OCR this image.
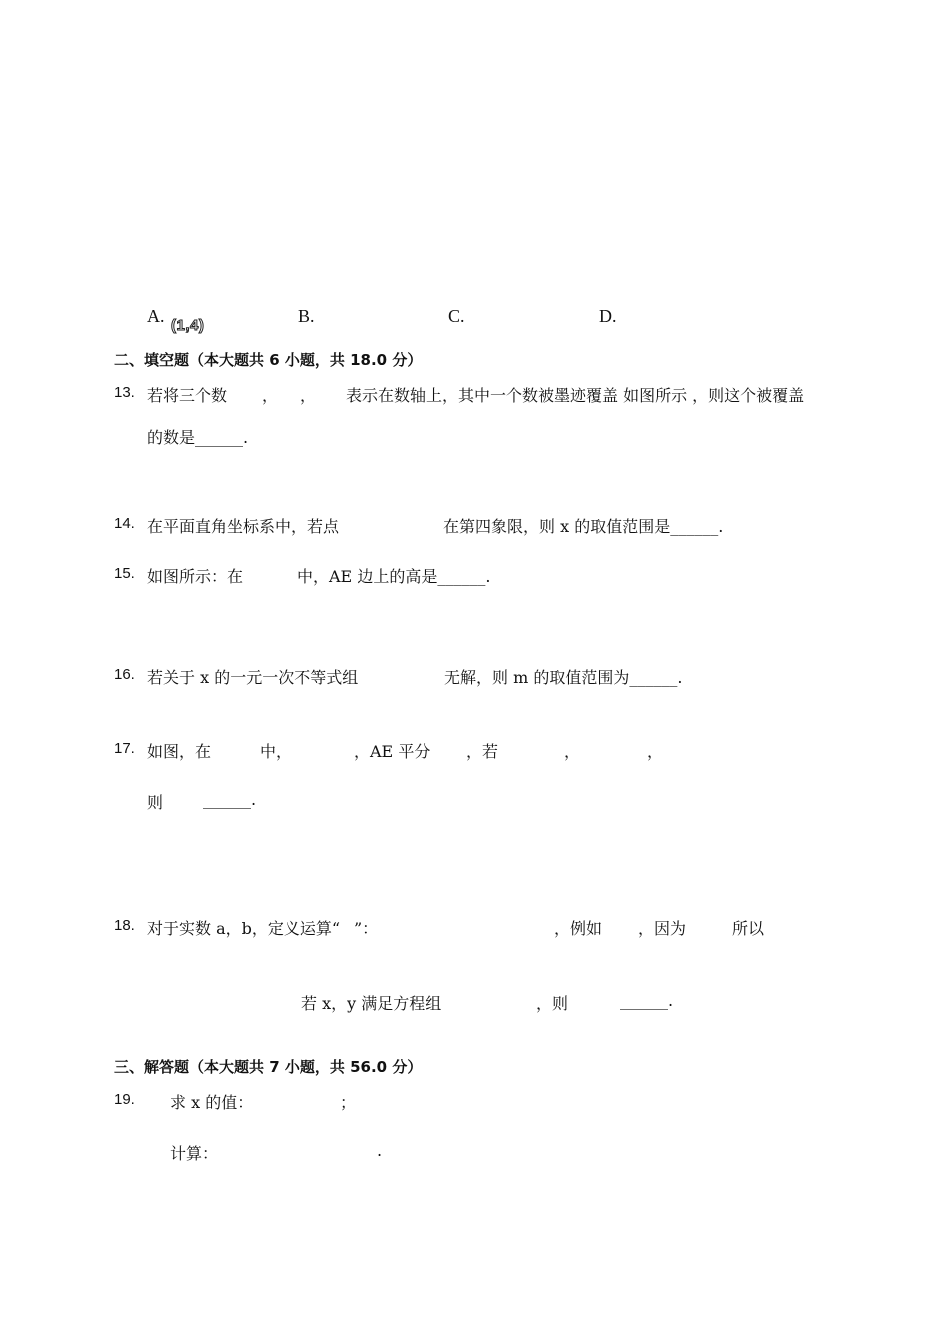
A. (1,4)	B.	C.	D.
二、填空题（本大题共 6 小题，共 18.0 分）
13. 若将三个数 ， ， 表示在数轴上，其中一个数被墨迹覆盖 如图所示 ，则这个被覆盖
的数是______.
14. 在平面直角坐标系中，若点	在第四象限，则 x 的取值范围是______.
15. 如图所示：在	中，AE 边上的高是______.
16. 若关于 x 的一元一次不等式组	无解，则 m 的取值范围为______.
17. 如图，在	中，	，AE 平分 ，若	，	，
则 ______.
18. 对于实数 a，b，定义运算“ ”：	，例如 ，因为	所以
若 x，y 满足方程组	，则	______.
三、解答题（本大题共 7 小题，共 56.0 分）
19. 求 x 的值：	；
计算：	.
